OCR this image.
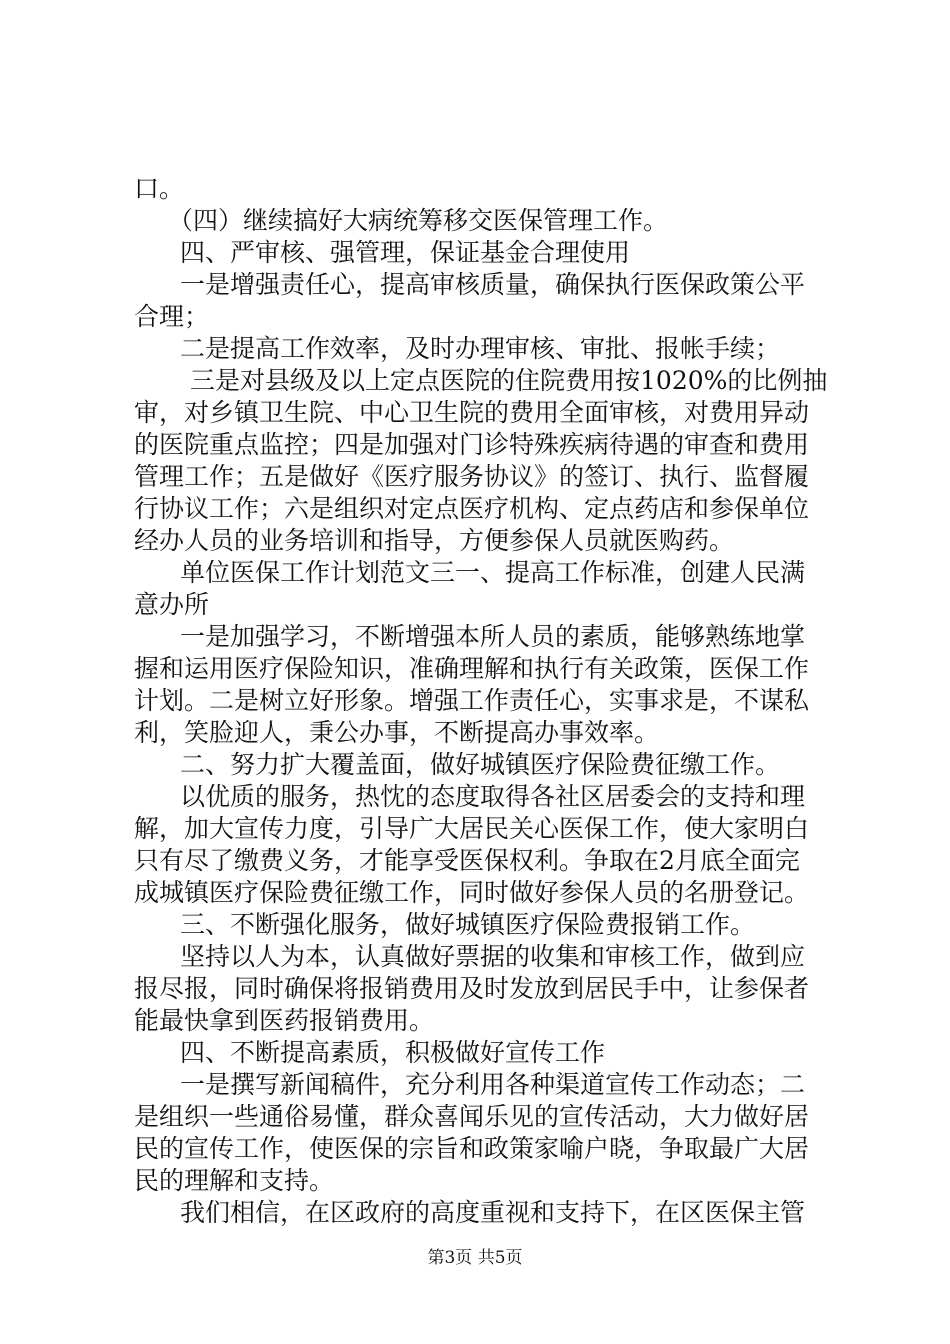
口。
（四）继续搞好大病统筹移交医保管理工作。
四、严审核、强管理，保证基金合理使用
一是增强责任心，提高审核质量，确保执行医保政策公平
合理；
二是提高工作效率，及时办理审核、审批、报帐手续；
三是对县级及以上定点医院的住院费用按1020%的比例抽
审，对乡镇卫生院、中心卫生院的费用全面审核，对费用异动
的医院重点监控；四是加强对门诊特殊疾病待遇的审查和费用
管理工作；五是做好《医疗服务协议》的签订、执行、监督履
行协议工作；六是组织对定点医疗机构、定点药店和参保单位
经办人员的业务培训和指导，方便参保人员就医购药。
单位医保工作计划范文三一、提高工作标准，创建人民满
意办所
一是加强学习，不断增强本所人员的素质，能够熟练地掌
握和运用医疗保险知识，准确理解和执行有关政策，医保工作
计划。二是树立好形象。增强工作责任心，实事求是，不谋私
利，笑脸迎人，秉公办事，不断提高办事效率。
二、努力扩大覆盖面，做好城镇医疗保险费征缴工作。
以优质的服务，热忱的态度取得各社区居委会的支持和理
解，加大宣传力度，引导广大居民关心医保工作，使大家明白
只有尽了缴费义务，才能享受医保权利。争取在2月底全面完
成城镇医疗保险费征缴工作，同时做好参保人员的名册登记。
三、不断强化服务，做好城镇医疗保险费报销工作。
坚持以人为本，认真做好票据的收集和审核工作，做到应
报尽报，同时确保将报销费用及时发放到居民手中，让参保者
能最快拿到医药报销费用。
四、不断提高素质，积极做好宣传工作
一是撰写新闻稿件，充分利用各种渠道宣传工作动态；二
是组织一些通俗易懂，群众喜闻乐见的宣传活动，大力做好居
民的宣传工作，使医保的宗旨和政策家喻户晓，争取最广大居
民的理解和支持。
我们相信，在区政府的高度重视和支持下，在区医保主管
第3页 共5页
